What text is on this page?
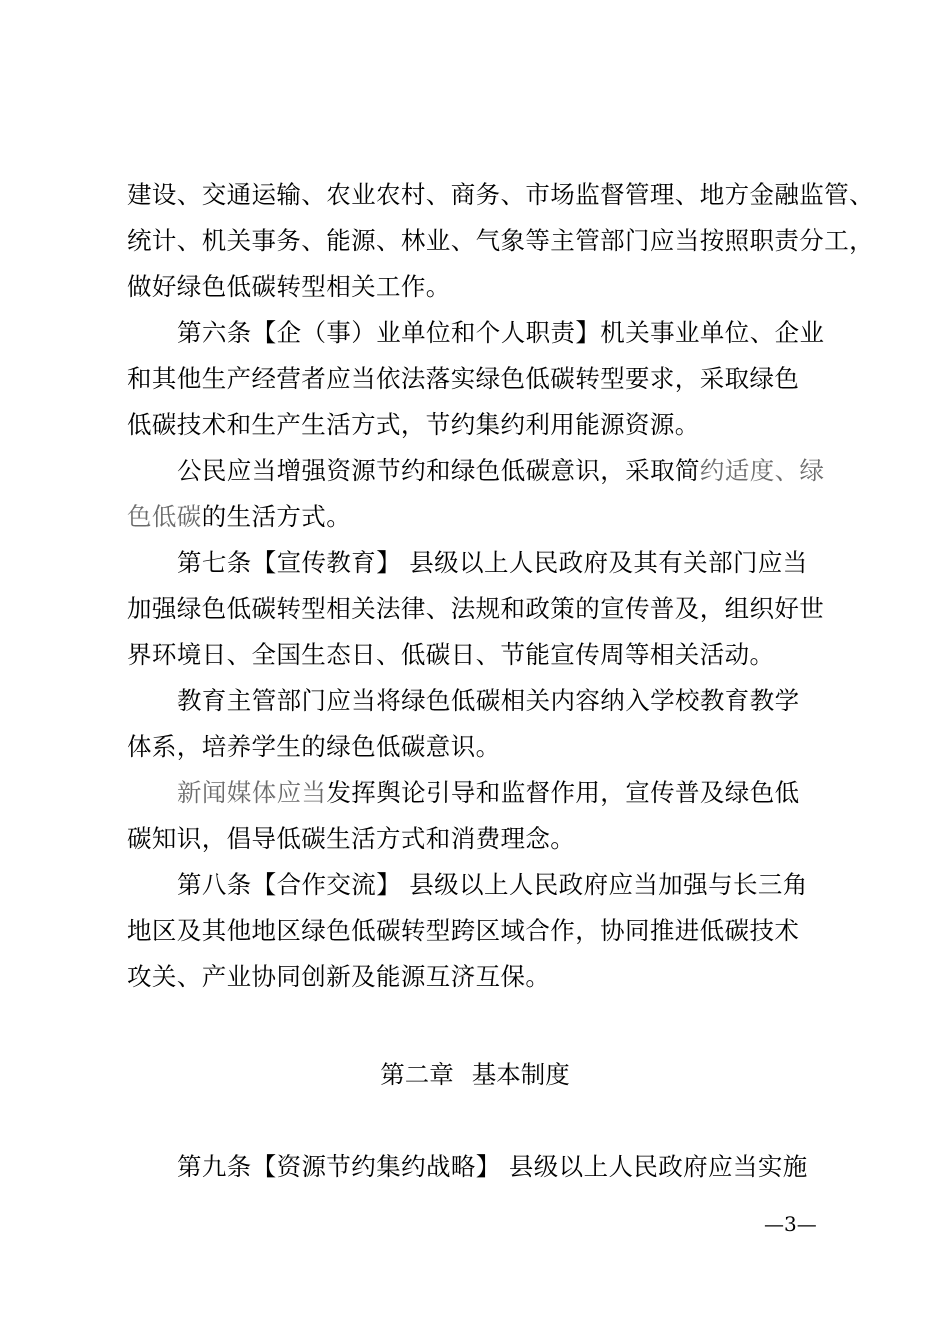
建设、交通运输、农业农村、商务、市场监督管理、地方金融监管、
统计、机关事务、能源、林业、气象等主管部门应当按照职责分工，
做好绿色低碳转型相关工作。
第六条【企（事）业单位和个人职责】机关事业单位、企业
和其他生产经营者应当依法落实绿色低碳转型要求，采取绿色
低碳技术和生产生活方式，节约集约利用能源资源。
公民应当增强资源节约和绿色低碳意识，采取简约适度、绿
色低碳的生活方式。
第七条【宣传教育】 县级以上人民政府及其有关部门应当
加强绿色低碳转型相关法律、法规和政策的宣传普及，组织好世
界环境日、全国生态日、低碳日、节能宣传周等相关活动。
教育主管部门应当将绿色低碳相关内容纳入学校教育教学
体系，培养学生的绿色低碳意识。
新闻媒体应当发挥舆论引导和监督作用，宣传普及绿色低
碳知识，倡导低碳生活方式和消费理念。
第八条【合作交流】 县级以上人民政府应当加强与长三角
地区及其他地区绿色低碳转型跨区域合作，协同推进低碳技术
攻关、产业协同创新及能源互济互保。
第二章 基本制度
第九条【资源节约集约战略】 县级以上人民政府应当实施
—3—
